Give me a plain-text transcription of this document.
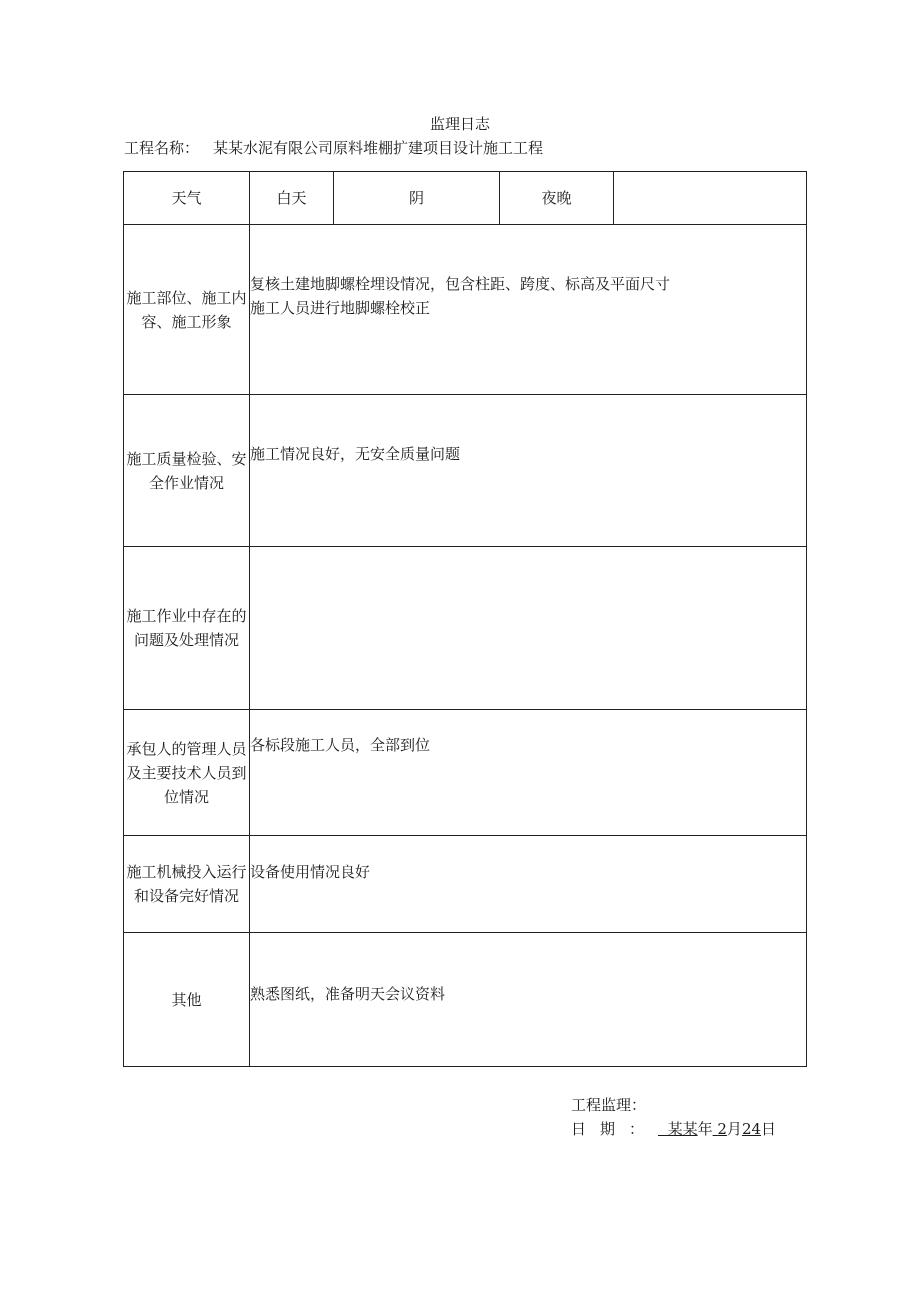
监理日志
工程名称： 某某水泥有限公司原料堆棚扩建项目设计施工工程
天气	白天	阴	夜晚	
施工部位、施工内容、施工形象	复核土建地脚螺栓埋设情况，包含柱距、跨度、标高及平面尺寸
施工人员进行地脚螺栓校正			

施工质量检验、安全作业情况	施工情况良好，无安全质量问题			

施工作业中存在的问题及处理情况				
承包人的管理人员及主要技术人员到位情况	各标段施工人员，全部到位			

施工机械投入运行和设备完好情况	设备使用情况良好			

其他	熟悉图纸，准备明天会议资料			
工程监理：
日期： 某某年 2月24日
